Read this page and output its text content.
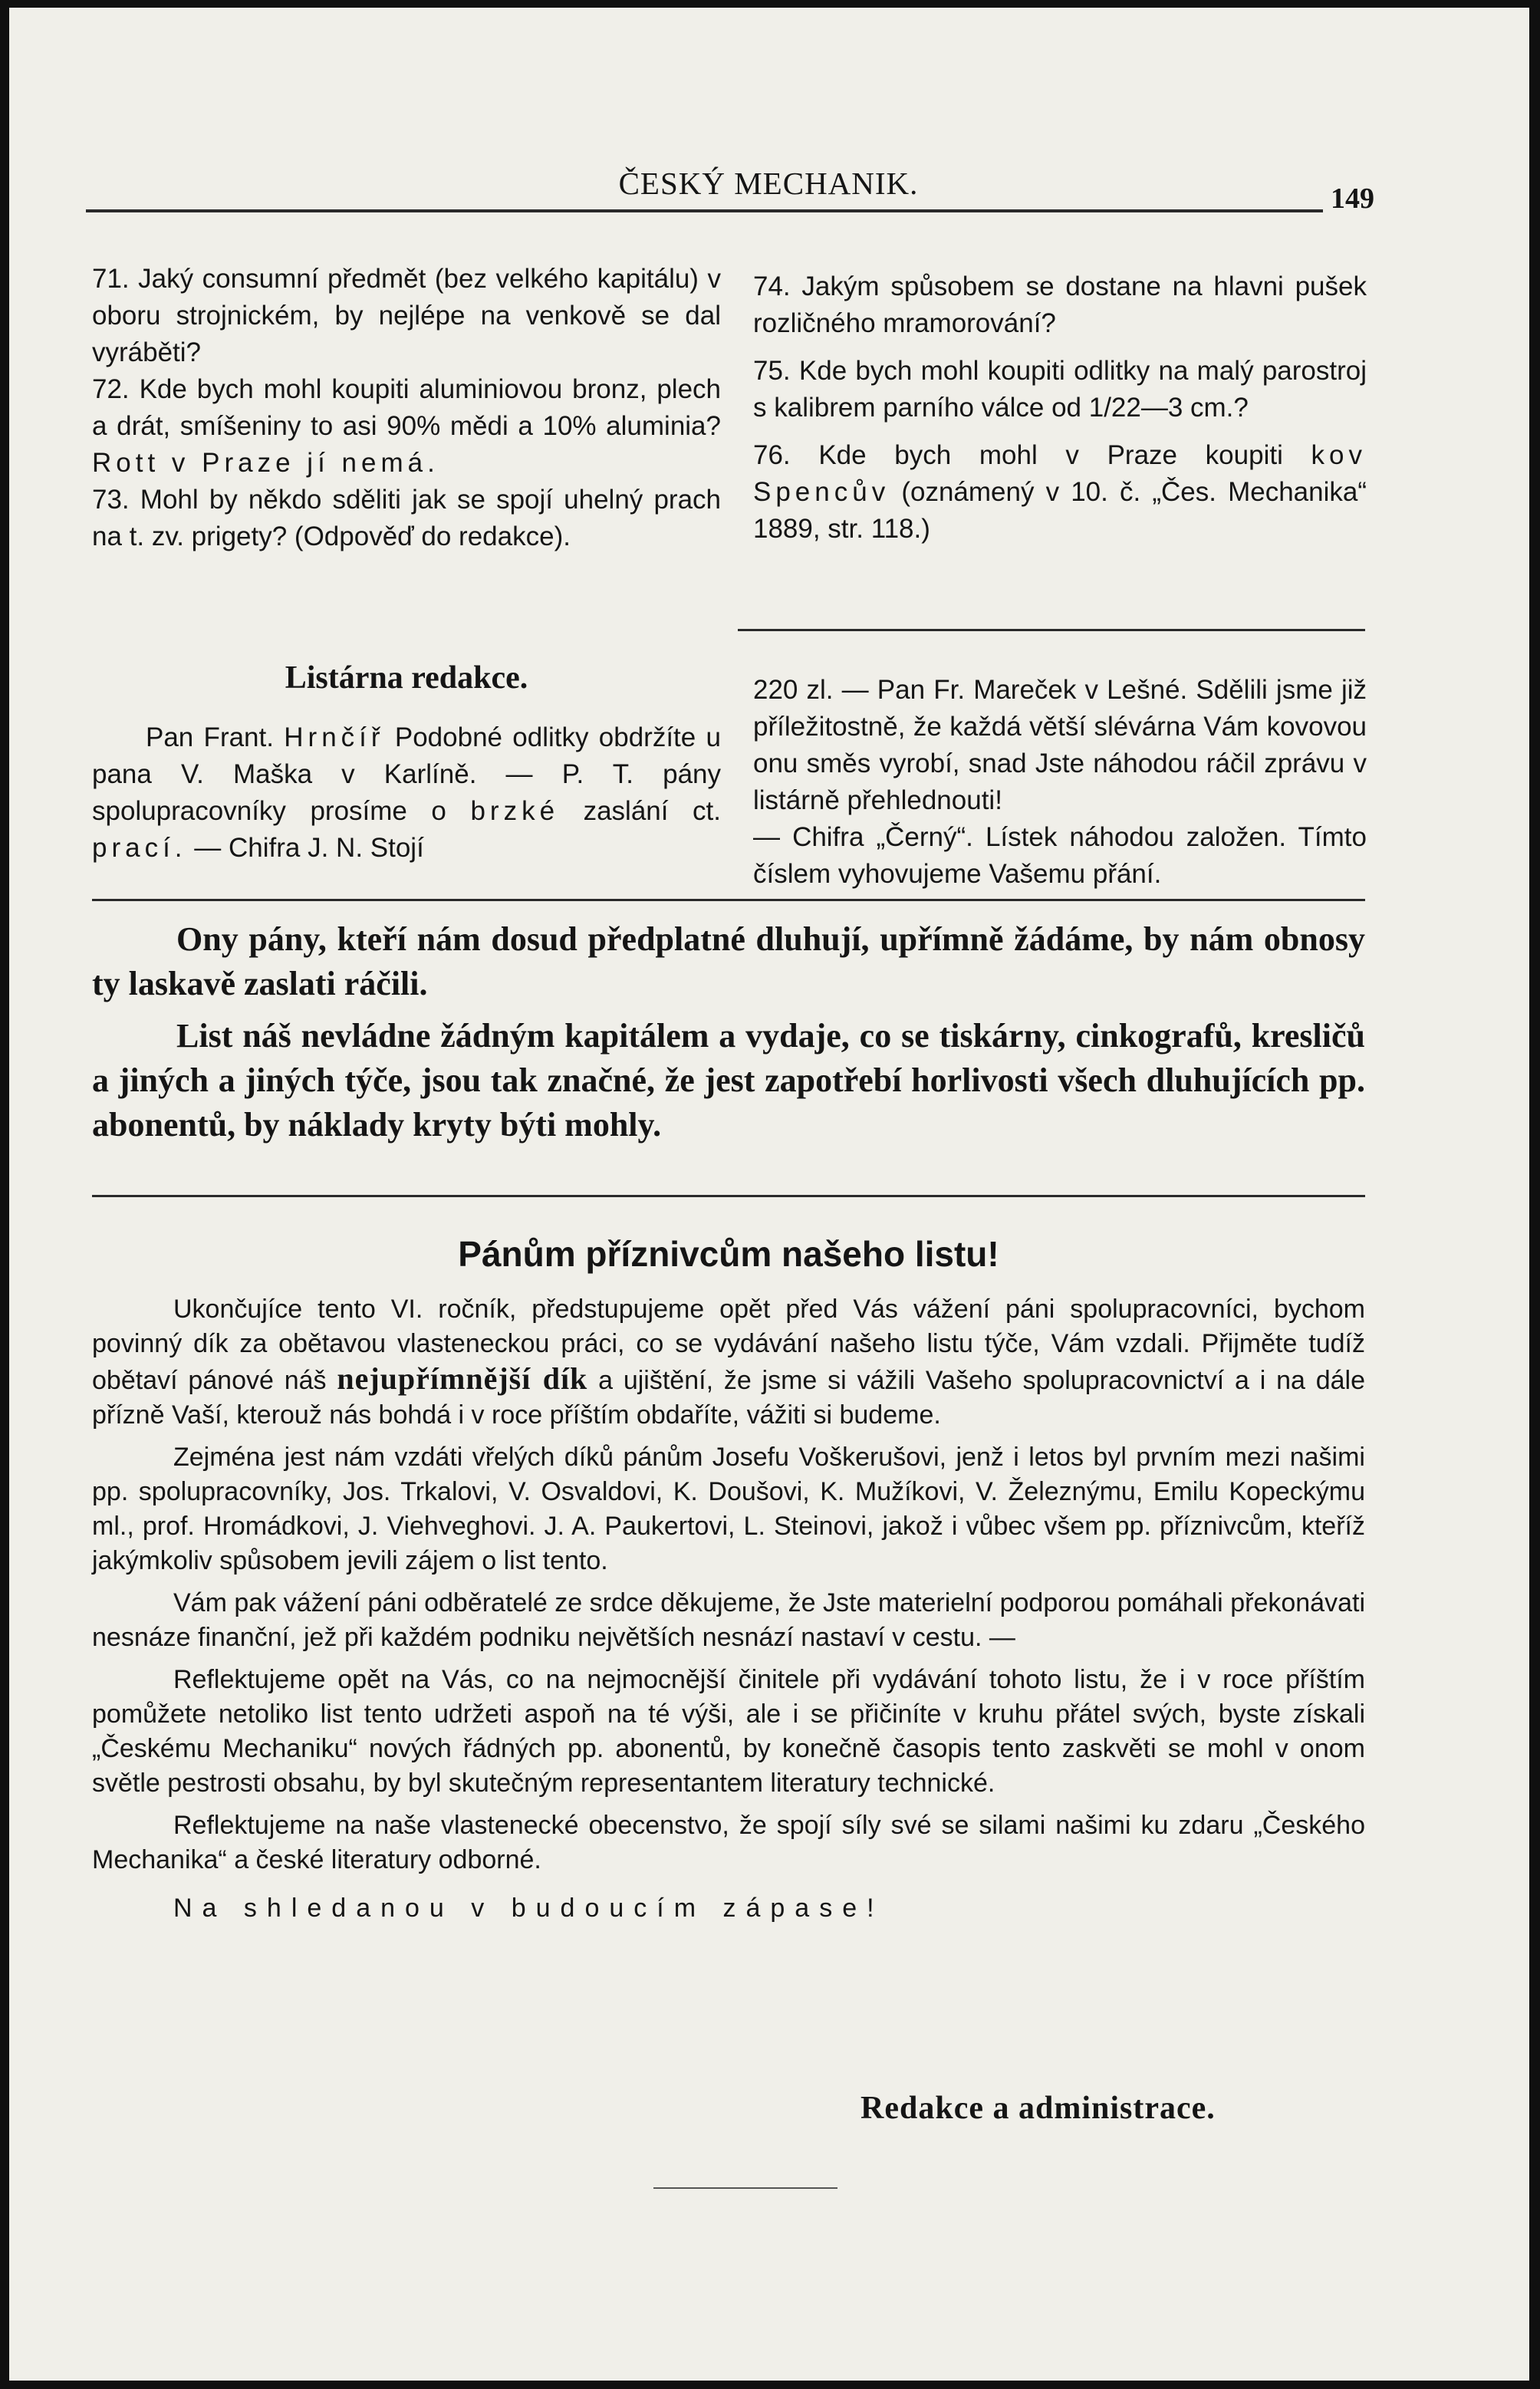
ČESKÝ MECHANIK.	149

71. Jaký consumní předmět (bez velkého kapitálu) v oboru strojnickém, by nejlépe na venkově se dal vyráběti?

72. Kde bych mohl koupiti aluminiovou bronz, plech a drát, smíšeniny to asi 90% mědi a 10% aluminia? Rott v Praze jí nemá.

73. Mohl by někdo sděliti jak se spojí uhelný prach na t. zv. prigety? (Odpověď do redakce).

74. Jakým spůsobem se dostane na hlavni pušek rozličného mramorování?

75. Kde bych mohl koupiti odlitky na malý parostroj s kalibrem parního válce od 1/22—3 cm.?

76. Kde bych mohl v Praze koupiti kov Spencův (oznámený v 10. č. „Čes. Mechanika“ 1889, str. 118.)

Listárna redakce.

Pan Frant. Hrnčíř Podobné odlitky obdržíte u pana V. Maška v Karlíně. — P. T. pány spolupracovníky prosíme o brzké zaslání ct. prací. — Chifra J. N. Stojí

220 zl. — Pan Fr. Mareček v Lešné. Sdělili jsme již příležitostně, že každá větší slévárna Vám kovovou onu směs vyrobí, snad Jste náhodou ráčil zprávu v listárně přehlednouti!

— Chifra „Černý“. Lístek náhodou založen. Tímto číslem vyhovujeme Vašemu přání.

Ony pány, kteří nám dosud předplatné dluhují, upřímně žádáme, by nám obnosy ty laskavě zaslati ráčili.

List náš nevládne žádným kapitálem a vydaje, co se tiskárny, cinkografů, kresličů a jiných a jiných týče, jsou tak značné, že jest zapotřebí horlivosti všech dluhujících pp. abonentů, by náklady kryty býti mohly.

Pánům příznivcům našeho listu!

Ukončujíce tento VI. ročník, předstupujeme opět před Vás vážení páni spolupracovníci, bychom povinný dík za obětavou vlasteneckou práci, co se vydávání našeho listu týče, Vám vzdali. Přijměte tudíž obětaví pánové náš nejupřímnější dík a ujištění, že jsme si vážili Vašeho spolupracovnictví a i na dále přízně Vaší, kterouž nás bohdá i v roce příštím obdaříte, vážiti si budeme.

Zejména jest nám vzdáti vřelých díků pánům Josefu Voškerušovi, jenž i letos byl prvním mezi našimi pp. spolupracovníky, Jos. Trkalovi, V. Osvaldovi, K. Doušovi, K. Mužíkovi, V. Železnýmu, Emilu Kopeckýmu ml., prof. Hromádkovi, J. Viehveghovi. J. A. Paukertovi, L. Steinovi, jakož i vůbec všem pp. příznivcům, kteříž jakýmkoliv spůsobem jevili zájem o list tento.

Vám pak vážení páni odběratelé ze srdce děkujeme, že Jste materielní podporou pomáhali překonávati nesnáze finanční, jež při každém podniku největších nesnází nastaví v cestu. —

Reflektujeme opět na Vás, co na nejmocnější činitele při vydávání tohoto listu, že i v roce příštím pomůžete netoliko list tento udržeti aspoň na té výši, ale i se přičiníte v kruhu přátel svých, byste získali „Českému Mechaniku“ nových řádných pp. abonentů, by konečně časopis tento zaskvěti se mohl v onom světle pestrosti obsahu, by byl skutečným representantem literatury technické.

Reflektujeme na naše vlastenecké obecenstvo, že spojí síly své se silami našimi ku zdaru „Českého Mechanika“ a české literatury odborné.

Na shledanou v budoucím zápase!

Redakce a administrace.
